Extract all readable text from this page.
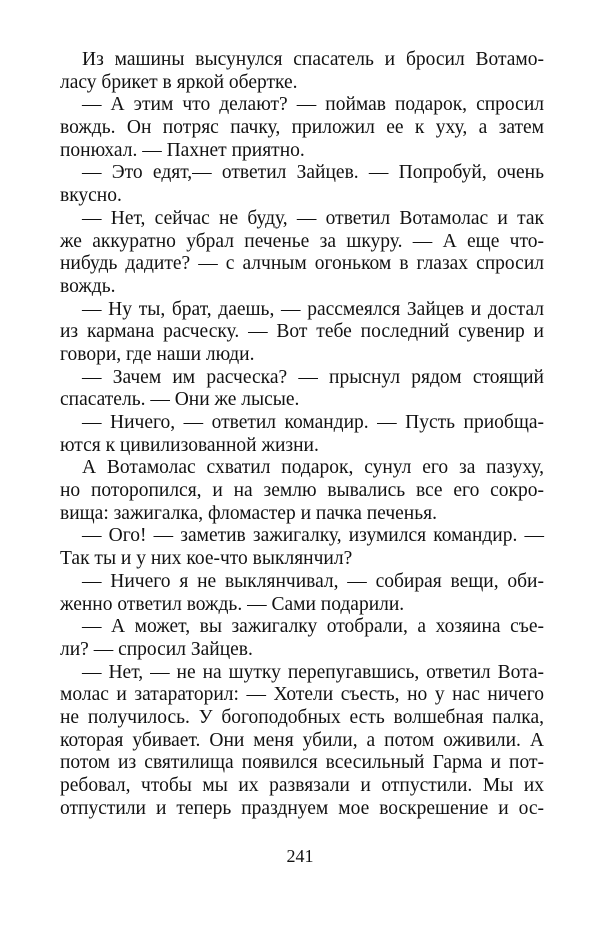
Из машины высунулся спасатель и бросил Вотамо-
ласу брикет в яркой обертке.
— А этим что делают? — поймав подарок, спросил
вождь. Он потряс пачку, приложил ее к уху, а затем
понюхал. — Пахнет приятно.
— Это едят,— ответил Зайцев. — Попробуй, очень
вкусно.
— Нет, сейчас не буду, — ответил Вотамолас и так
же аккуратно убрал печенье за шкуру. — А еще что-
нибудь дадите? — с алчным огоньком в глазах спросил
вождь.
— Ну ты, брат, даешь, — рассмеялся Зайцев и достал
из кармана расческу. — Вот тебе последний сувенир и
говори, где наши люди.
— Зачем им расческа? — прыснул рядом стоящий
спасатель. — Они же лысые.
— Ничего, — ответил командир. — Пусть приобща-
ются к цивилизованной жизни.
А Вотамолас схватил подарок, сунул его за пазуху,
но поторопился, и на землю вывались все его сокро-
вища: зажигалка, фломастер и пачка печенья.
— Ого! — заметив зажигалку, изумился командир. —
Так ты и у них кое-что выклянчил?
— Ничего я не выклянчивал, — собирая вещи, оби-
женно ответил вождь. — Сами подарили.
— А может, вы зажигалку отобрали, а хозяина съе-
ли? — спросил Зайцев.
— Нет, — не на шутку перепугавшись, ответил Вота-
молас и затараторил: — Хотели съесть, но у нас ничего
не получилось. У богоподобных есть волшебная палка,
которая убивает. Они меня убили, а потом оживили. А
потом из святилища появился всесильный Гарма и пот-
ребовал, чтобы мы их развязали и отпустили. Мы их
отпустили и теперь празднуем мое воскрешение и ос-
241
